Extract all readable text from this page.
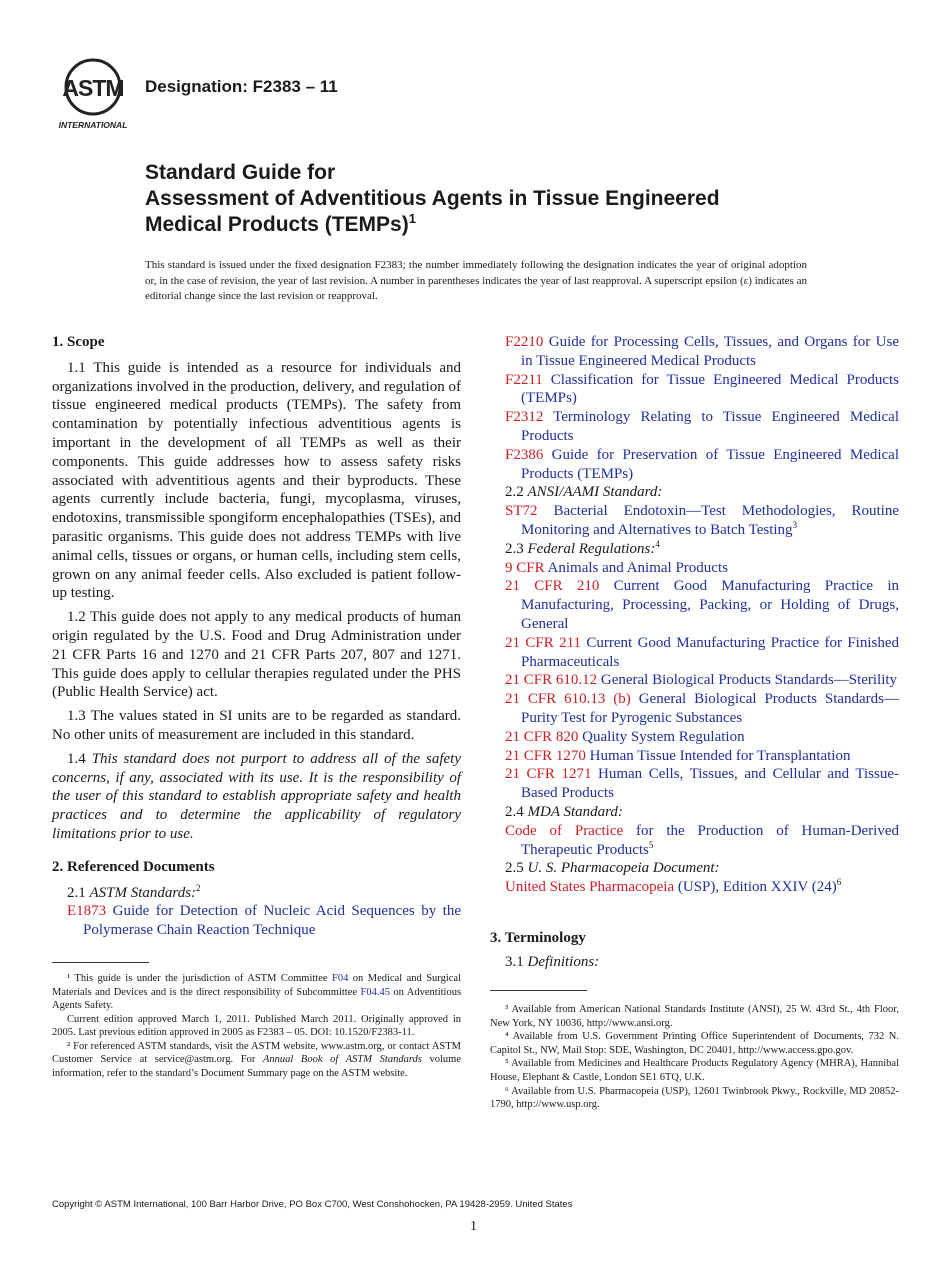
ASTM
INTERNATIONAL
Designation: F2383 – 11
Standard Guide for
Assessment of Adventitious Agents in Tissue Engineered
Medical Products (TEMPs)$^1$
This standard is issued under the fixed designation F2383; the number immediately following the designation indicates the year of original adoption or, in the case of revision, the year of last revision. A number in parentheses indicates the year of last reapproval. A superscript epsilon (ε) indicates an editorial change since the last revision or reapproval.

1. Scope

1.1 This guide is intended as a resource for individuals and organizations involved in the production, delivery, and regulation of tissue engineered medical products (TEMPs). The safety from contamination by potentially infectious adventitious agents is important in the development of all TEMPs as well as their components. This guide addresses how to assess safety risks associated with adventitious agents and their byproducts. These agents currently include bacteria, fungi, mycoplasma, viruses, endotoxins, transmissible spongiform encephalopathies (TSEs), and parasitic organisms. This guide does not address TEMPs with live animal cells, tissues or organs, or human cells, including stem cells, grown on any animal feeder cells. Also excluded is patient follow-up testing.

1.2 This guide does not apply to any medical products of human origin regulated by the U.S. Food and Drug Administration under 21 CFR Parts 16 and 1270 and 21 CFR Parts 207, 807 and 1271. This guide does apply to cellular therapies regulated under the PHS (Public Health Service) act.

1.3 The values stated in SI units are to be regarded as standard. No other units of measurement are included in this standard.

1.4 This standard does not purport to address all of the safety concerns, if any, associated with its use. It is the responsibility of the user of this standard to establish appropriate safety and health practices and to determine the applicability of regulatory limitations prior to use.

2. Referenced Documents

2.1 ASTM Standards:$^2$

E1873 Guide for Detection of Nucleic Acid Sequences by the Polymerase Chain Reaction Technique

¹ This guide is under the jurisdiction of ASTM Committee F04 on Medical and Surgical Materials and Devices and is the direct responsibility of Subcommittee F04.45 on Adventitious Agents Safety.

Current edition approved March 1, 2011. Published March 2011. Originally approved in 2005. Last previous edition approved in 2005 as F2383 – 05. DOI: 10.1520/F2383-11.

² For referenced ASTM standards, visit the ASTM website, www.astm.org, or contact ASTM Customer Service at service@astm.org. For Annual Book of ASTM Standards volume information, refer to the standard’s Document Summary page on the ASTM website.

F2210 Guide for Processing Cells, Tissues, and Organs for Use in Tissue Engineered Medical Products

F2211 Classification for Tissue Engineered Medical Products (TEMPs)

F2312 Terminology Relating to Tissue Engineered Medical Products

F2386 Guide for Preservation of Tissue Engineered Medical Products (TEMPs)

2.2 ANSI/AAMI Standard:

ST72 Bacterial Endotoxin—Test Methodologies, Routine Monitoring and Alternatives to Batch Testing$^3$

2.3 Federal Regulations:$^4$

9 CFR Animals and Animal Products

21 CFR 210 Current Good Manufacturing Practice in Manufacturing, Processing, Packing, or Holding of Drugs, General

21 CFR 211 Current Good Manufacturing Practice for Finished Pharmaceuticals

21 CFR 610.12 General Biological Products Standards—Sterility

21 CFR 610.13 (b) General Biological Products Standards—Purity Test for Pyrogenic Substances

21 CFR 820 Quality System Regulation

21 CFR 1270 Human Tissue Intended for Transplantation

21 CFR 1271 Human Cells, Tissues, and Cellular and Tissue-Based Products

2.4 MDA Standard:

Code of Practice for the Production of Human-Derived Therapeutic Products$^5$

2.5 U. S. Pharmacopeia Document:

United States Pharmacopeia (USP), Edition XXIV $(24)^6$

3. Terminology

3.1 Definitions:

³ Available from American National Standards Institute (ANSI), 25 W. 43rd St., 4th Floor, New York, NY 10036, http://www.ansi.org.

⁴ Available from U.S. Government Printing Office Superintendent of Documents, 732 N. Capitol St., NW, Mail Stop: SDE, Washington, DC 20401, http://www.access.gpo.gov.

⁵ Available from Medicines and Healthcare Products Regulatory Agency (MHRA), Hannibal House, Elephant & Castle, London SE1 6TQ, U.K.

⁶ Available from U.S. Pharmacopeia (USP), 12601 Twinbrook Pkwy., Rockville, MD 20852-1790, http://www.usp.org.

Copyright © ASTM International, 100 Barr Harbor Drive, PO Box C700, West Conshohocken, PA 19428-2959. United States
1
